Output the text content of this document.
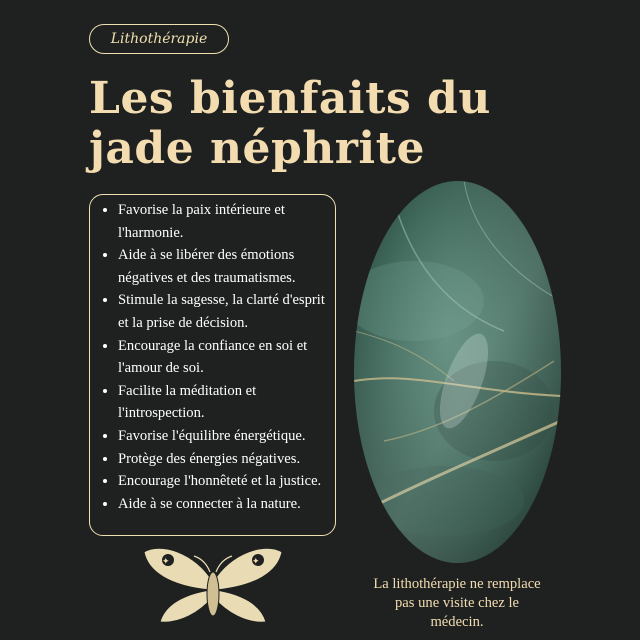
Lithothérapie
Les bienfaits du
jade néphrite
• Favorise la paix intérieure et l'harmonie.
• Aide à se libérer des émotions négatives et des traumatismes.
• Stimule la sagesse, la clarté d'esprit et la prise de décision.
• Encourage la confiance en soi et l'amour de soi.
• Facilite la méditation et l'introspection.
• Favorise l'équilibre énergétique.
• Protège des énergies négatives.
• Encourage l'honnêteté et la justice.
• Aide à se connecter à la nature.
✦	✦
La lithothérapie ne remplace pas une visite chez le médecin.
